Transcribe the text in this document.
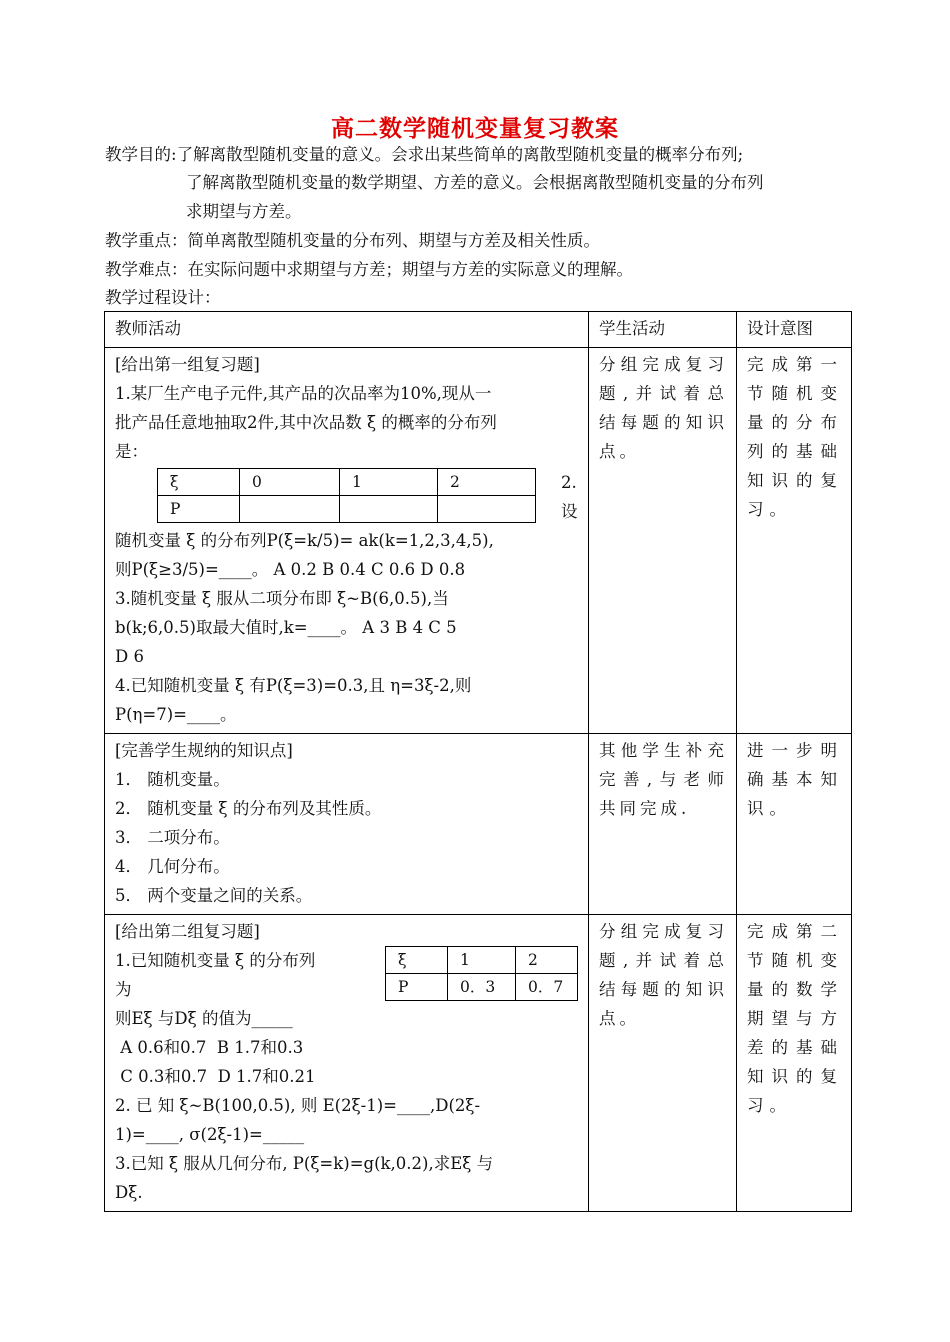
高二数学随机变量复习教案
教学目的:了解离散型随机变量的意义。会求出某些简单的离散型随机变量的概率分布列;
了解离散型随机变量的数学期望、方差的意义。会根据离散型随机变量的分布列
求期望与方差。
教学重点：简单离散型随机变量的分布列、期望与方差及相关性质。
教学难点：在实际问题中求期望与方差；期望与方差的实际意义的理解。
教学过程设计：
教师活动	学生活动	设计意图

[给出第一组复习题]
1.某厂生产电子元件,其产品的次品率为10%,现从一
批产品任意地抽取2件,其中次品数 ξ 的概率的分布列
是：
ξ	0	1	2
P			
2.
设
随机变量 ξ 的分布列P(ξ=k/5)= ak(k=1,2,3,4,5),
则P(ξ≥3/5)=____。 A 0.2 B 0.4 C 0.6 D 0.8
3.随机变量 ξ 服从二项分布即 ξ~B(6,0.5),当
b(k;6,0.5)取最大值时,k=____。 A 3 B 4 C 5
D 6
4.已知随机变量 ξ 有P(ξ=3)=0.3,且 η=3ξ-2,则
P(η=7)=____。

分组完成复习题,并试着总结每题的知识点。

完成第一节随机变量的分布列的基础知识的复习。

[完善学生规纳的知识点]
1． 随机变量。
2． 随机变量 ξ 的分布列及其性质。
3． 二项分布。
4． 几何分布。
5． 两个变量之间的关系。

其他学生补充完善,与老师共同完成.

进一步明确基本知识。

[给出第二组复习题]
1.已知随机变量 ξ 的分布列
为
ξ	1	2
P	0．3	0．7
则Eξ 与Dξ 的值为_____
A 0.6和0.7  B 1.7和0.3
C 0.3和0.7  D 1.7和0.21
2. 已 知 ξ~B(100,0.5), 则 E(2ξ-1)=____,D(2ξ-
1)=____, σ(2ξ-1)=_____
3.已知 ξ 服从几何分布, P(ξ=k)=g(k,0.2),求Eξ 与
Dξ.

分组完成复习题,并试着总结每题的知识点。

完成第二节随机变量的数学期望与方差的基础知识的复习。
